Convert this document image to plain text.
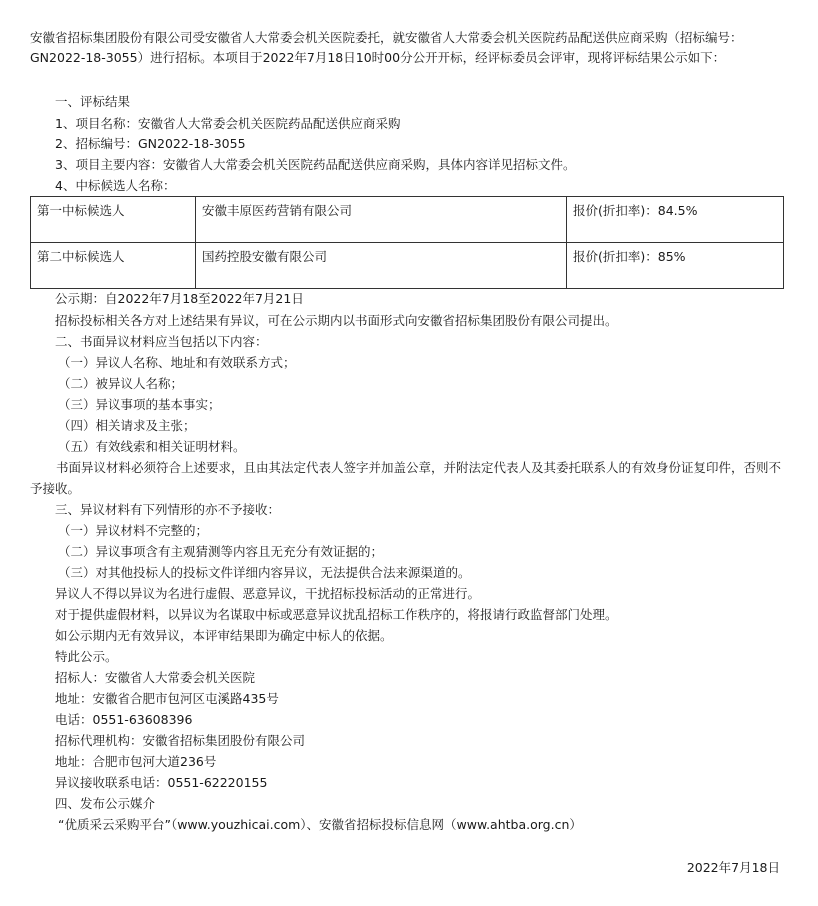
安徽省招标集团股份有限公司受安徽省人大常委会机关医院委托，就安徽省人大常委会机关医院药品配送供应商采购（招标编号：GN2022-18-3055）进行招标。本项目于2022年7月18日10时00分公开开标，经评标委员会评审，现将评标结果公示如下：
一、评标结果
1、项目名称：安徽省人大常委会机关医院药品配送供应商采购
2、招标编号：GN2022-18-3055
3、项目主要内容：安徽省人大常委会机关医院药品配送供应商采购，具体内容详见招标文件。
4、中标候选人名称：
第一中标候选人	安徽丰原医药营销有限公司	报价(折扣率)：84.5%
第二中标候选人	国药控股安徽有限公司	报价(折扣率)：85%
公示期：自2022年7月18至2022年7月21日
招标投标相关各方对上述结果有异议，可在公示期内以书面形式向安徽省招标集团股份有限公司提出。
二、书面异议材料应当包括以下内容：
（一）异议人名称、地址和有效联系方式；
（二）被异议人名称；
（三）异议事项的基本事实；
（四）相关请求及主张；
（五）有效线索和相关证明材料。
书面异议材料必须符合上述要求，且由其法定代表人签字并加盖公章，并附法定代表人及其委托联系人的有效身份证复印件，否则不予接收。
三、异议材料有下列情形的亦不予接收：
（一）异议材料不完整的；
（二）异议事项含有主观猜测等内容且无充分有效证据的；
（三）对其他投标人的投标文件详细内容异议，无法提供合法来源渠道的。
异议人不得以异议为名进行虚假、恶意异议，干扰招标投标活动的正常进行。
对于提供虚假材料，以异议为名谋取中标或恶意异议扰乱招标工作秩序的，将报请行政监督部门处理。
如公示期内无有效异议，本评审结果即为确定中标人的依据。
特此公示。
招标人：安徽省人大常委会机关医院
地址：安徽省合肥市包河区屯溪路435号
电话：0551-63608396
招标代理机构：安徽省招标集团股份有限公司
地址：合肥市包河大道236号
异议接收联系电话：0551-62220155
四、发布公示媒介
“优质采云采购平台”（www.youzhicai.com）、安徽省招标投标信息网（www.ahtba.org.cn）
2022年7月18日
